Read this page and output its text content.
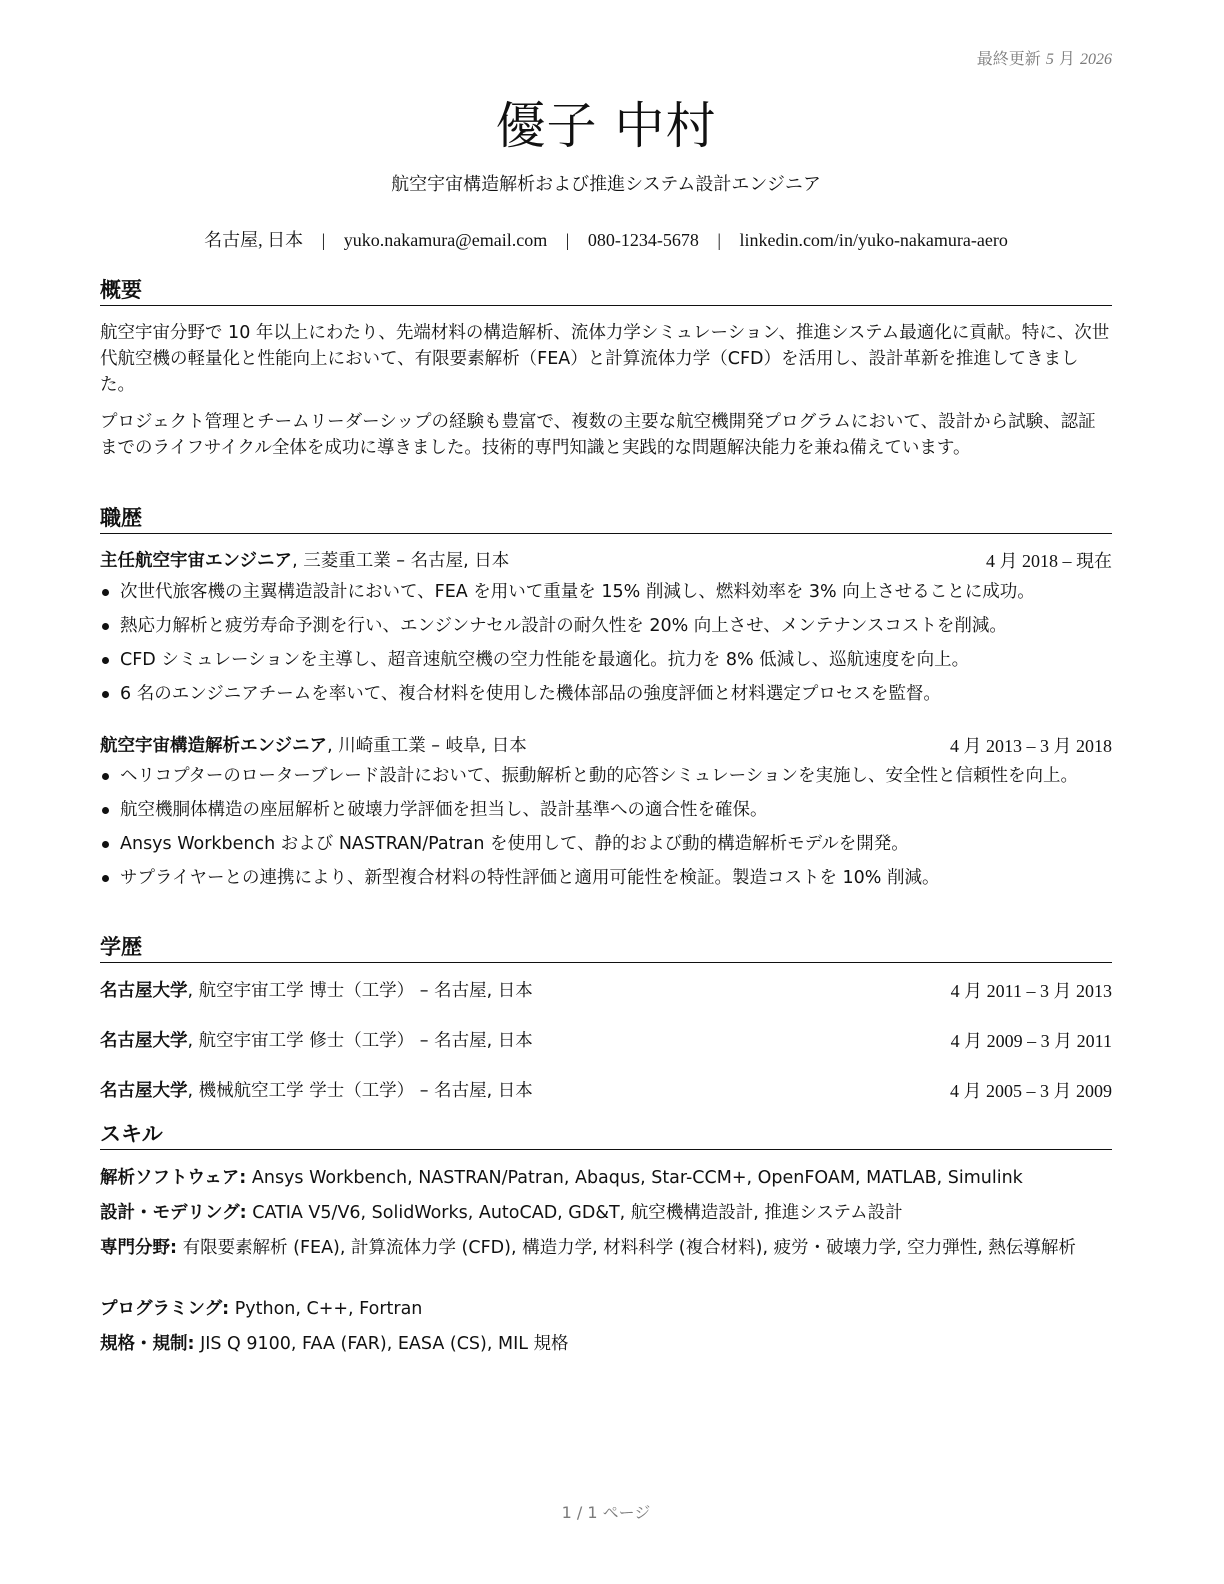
最終更新 5 月 2026
優子 中村
航空宇宙構造解析および推進システム設計エンジニア
名古屋, 日本 | yuko.nakamura@email.com | 080-1234-5678 | linkedin.com/in/yuko-nakamura-aero
概要
航空宇宙分野で 10 年以上にわたり、先端材料の構造解析、流体力学シミュレーション、推進システム最適化に貢献。特に、次世代航空機の軽量化と性能向上において、有限要素解析（FEA）と計算流体力学（CFD）を活用し、設計革新を推進してきました。
プロジェクト管理とチームリーダーシップの経験も豊富で、複数の主要な航空機開発プログラムにおいて、設計から試験、認証までのライフサイクル全体を成功に導きました。技術的専門知識と実践的な問題解決能力を兼ね備えています。
職歴
主任航空宇宙エンジニア, 三菱重工業 – 名古屋, 日本	4 月 2018 – 現在
次世代旅客機の主翼構造設計において、FEA を用いて重量を 15% 削減し、燃料効率を 3% 向上させることに成功。
熱応力解析と疲労寿命予測を行い、エンジンナセル設計の耐久性を 20% 向上させ、メンテナンスコストを削減。
CFD シミュレーションを主導し、超音速航空機の空力性能を最適化。抗力を 8% 低減し、巡航速度を向上。
6 名のエンジニアチームを率いて、複合材料を使用した機体部品の強度評価と材料選定プロセスを監督。
航空宇宙構造解析エンジニア, 川崎重工業 – 岐阜, 日本	4 月 2013 – 3 月 2018
ヘリコプターのローターブレード設計において、振動解析と動的応答シミュレーションを実施し、安全性と信頼性を向上。
航空機胴体構造の座屈解析と破壊力学評価を担当し、設計基準への適合性を確保。
Ansys Workbench および NASTRAN/Patran を使用して、静的および動的構造解析モデルを開発。
サプライヤーとの連携により、新型複合材料の特性評価と適用可能性を検証。製造コストを 10% 削減。
学歴
名古屋大学, 航空宇宙工学 博士（工学） – 名古屋, 日本	4 月 2011 – 3 月 2013
名古屋大学, 航空宇宙工学 修士（工学） – 名古屋, 日本	4 月 2009 – 3 月 2011
名古屋大学, 機械航空工学 学士（工学） – 名古屋, 日本	4 月 2005 – 3 月 2009
スキル
解析ソフトウェア: Ansys Workbench, NASTRAN/Patran, Abaqus, Star-CCM+, OpenFOAM, MATLAB, Simulink
設計・モデリング: CATIA V5/V6, SolidWorks, AutoCAD, GD&T, 航空機構造設計, 推進システム設計
専門分野: 有限要素解析 (FEA), 計算流体力学 (CFD), 構造力学, 材料科学 (複合材料), 疲労・破壊力学, 空力弾性, 熱伝導解析
プログラミング: Python, C++, Fortran
規格・規制: JIS Q 9100, FAA (FAR), EASA (CS), MIL 規格
1 / 1 ページ
